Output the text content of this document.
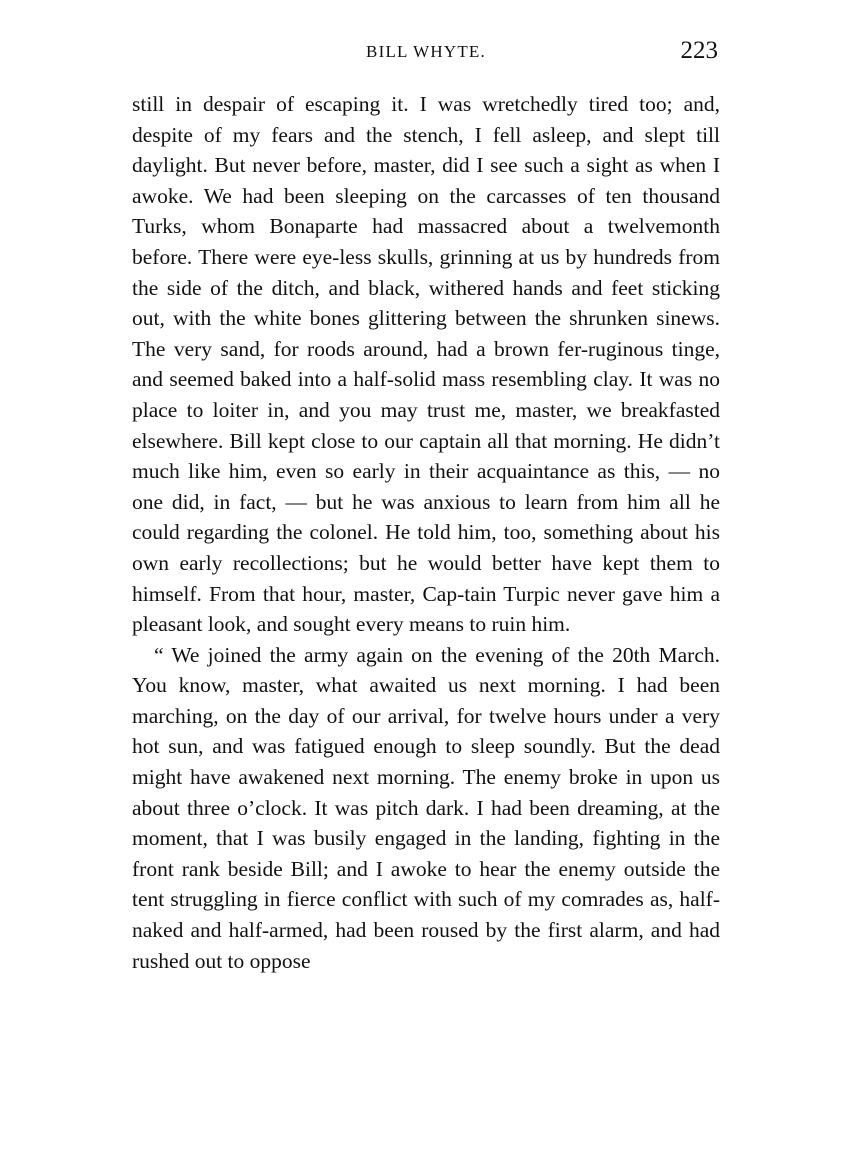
BILL WHYTE.	223

still in despair of escaping it. I was wretchedly tired too; and, despite of my fears and the stench, I fell asleep, and slept till daylight. But never before, master, did I see such a sight as when I awoke. We had been sleeping on the carcasses of ten thousand Turks, whom Bonaparte had massacred about a twelvemonth before. There were eye-less skulls, grinning at us by hundreds from the side of the ditch, and black, withered hands and feet sticking out, with the white bones glittering between the shrunken sinews. The very sand, for roods around, had a brown fer-ruginous tinge, and seemed baked into a half-solid mass resembling clay. It was no place to loiter in, and you may trust me, master, we breakfasted elsewhere. Bill kept close to our captain all that morning. He didn’t much like him, even so early in their acquaintance as this, — no one did, in fact, — but he was anxious to learn from him all he could regarding the colonel. He told him, too, something about his own early recollections; but he would better have kept them to himself. From that hour, master, Cap-tain Turpic never gave him a pleasant look, and sought every means to ruin him.

“ We joined the army again on the evening of the 20th March. You know, master, what awaited us next morning. I had been marching, on the day of our arrival, for twelve hours under a very hot sun, and was fatigued enough to sleep soundly. But the dead might have awakened next morning. The enemy broke in upon us about three o’clock. It was pitch dark. I had been dreaming, at the moment, that I was busily engaged in the landing, fighting in the front rank beside Bill; and I awoke to hear the enemy outside the tent struggling in fierce conflict with such of my comrades as, half-naked and half-armed, had been roused by the first alarm, and had rushed out to oppose
